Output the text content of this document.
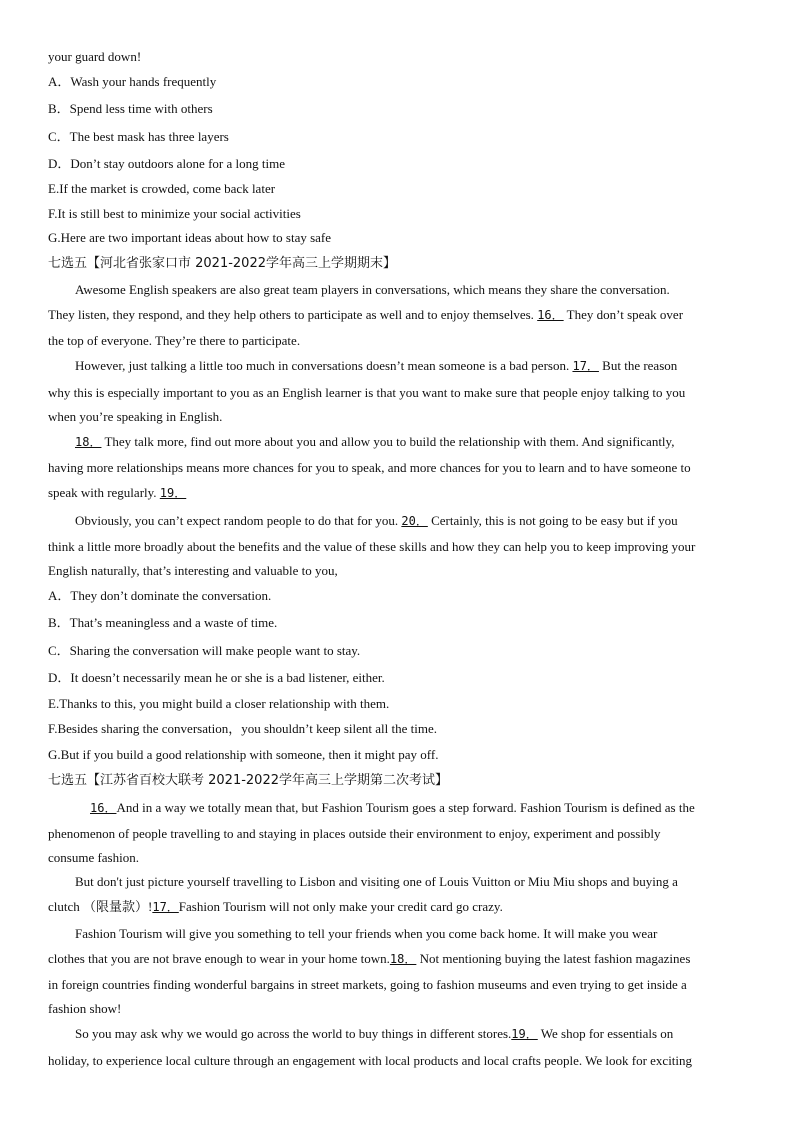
your guard down!
A．Wash your hands frequently
B．Spend less time with others
C．The best mask has three layers
D．Don’t stay outdoors alone for a long time
E.If the market is crowded, come back later
F.It is still best to minimize your social activities
G.Here are two important ideas about how to stay safe
七选五【河北省张家口市 2021-2022学年高三上学期期末】
Awesome English speakers are also great team players in conversations, which means they share the conversation.
They listen, they respond, and they help others to participate as well and to enjoy themselves. 16． They don’t speak over
the top of everyone. They’re there to participate.
However, just talking a little too much in conversations doesn’t mean someone is a bad person. 17． But the reason
why this is especially important to you as an English learner is that you want to make sure that people enjoy talking to you
when you’re speaking in English.
18． They talk more, find out more about you and allow you to build the relationship with them. And significantly,
having more relationships means more chances for you to speak, and more chances for you to learn and to have someone to
speak with regularly. 19．
Obviously, you can’t expect random people to do that for you. 20． Certainly, this is not going to be easy but if you
think a little more broadly about the benefits and the value of these skills and how they can help you to keep improving your
English naturally, that’s interesting and valuable to you,
A．They don’t dominate the conversation.
B．That’s meaningless and a waste of time.
C．Sharing the conversation will make people want to stay.
D．It doesn’t necessarily mean he or she is a bad listener, either.
E.Thanks to this, you might build a closer relationship with them.
F.Besides sharing the conversation，you shouldn’t keep silent all the time.
G.But if you build a good relationship with someone, then it might pay off.
七选五【江苏省百校大联考 2021-2022学年高三上学期第二次考试】
16．And in a way we totally mean that, but Fashion Tourism goes a step forward. Fashion Tourism is defined as the
phenomenon of people travelling to and staying in places outside their environment to enjoy, experiment and possibly
consume fashion.
But don't just picture yourself travelling to Lisbon and visiting one of Louis Vuitton or Miu Miu shops and buying a
clutch （限量款）!17．Fashion Tourism will not only make your credit card go crazy.
Fashion Tourism will give you something to tell your friends when you come back home. It will make you wear
clothes that you are not brave enough to wear in your home town.18． Not mentioning buying the latest fashion magazines
in foreign countries finding wonderful bargains in street markets, going to fashion museums and even trying to get inside a
fashion show!
So you may ask why we would go across the world to buy things in different stores.19． We shop for essentials on
holiday, to experience local culture through an engagement with local products and local crafts people. We look for exciting
